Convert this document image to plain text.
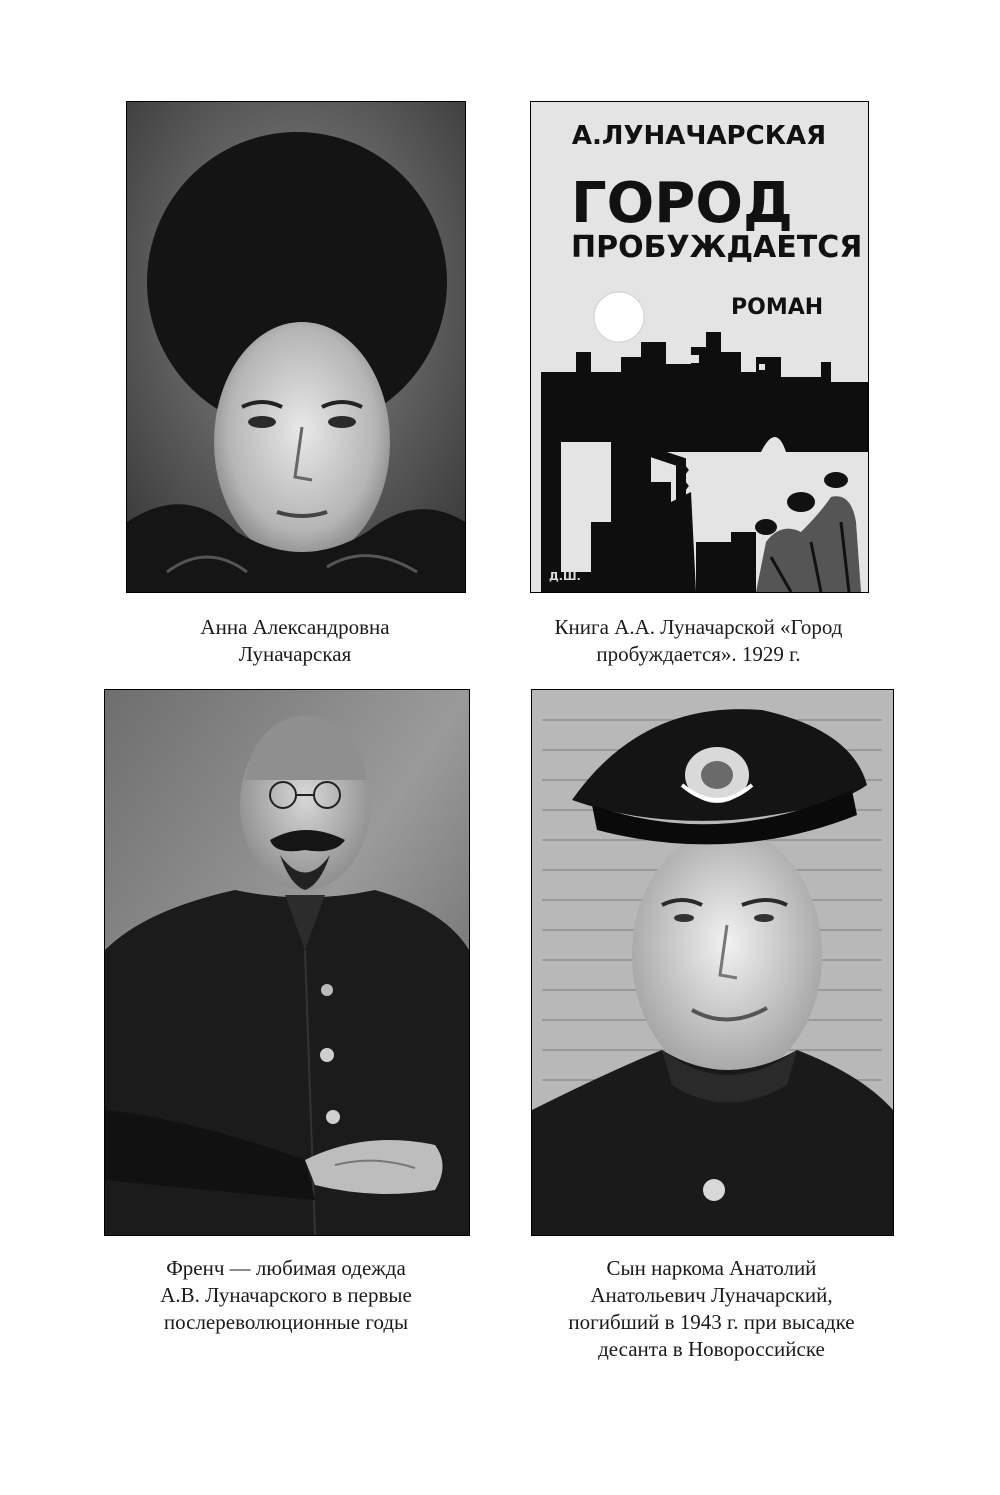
А.ЛУНАЧАРСКАЯ
ГОРОД
ПРОБУЖДАЕТСЯ
РОМАН
Д.Ш.
Анна Александровна
Луначарская
Книга А.А. Луначарской «Город
пробуждается». 1929 г.
Френч — любимая одежда
А.В. Луначарского в первые
послереволюционные годы
Сын наркома Анатолий
Анатольевич Луначарский,
погибший в 1943 г. при высадке
десанта в Новороссийске
